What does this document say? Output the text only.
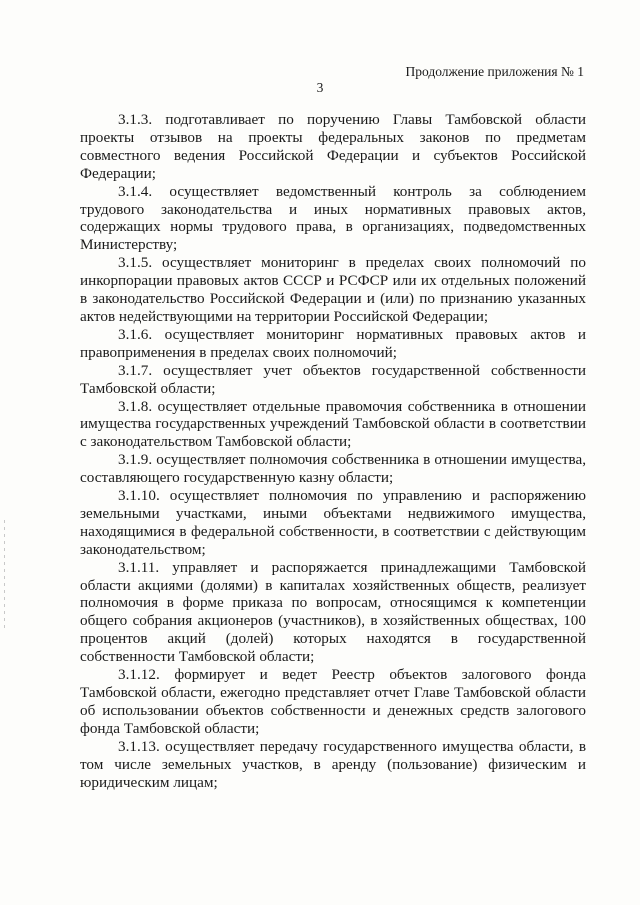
Продолжение приложения № 1
3

3.1.3. подготавливает по поручению Главы Тамбовской области проекты отзывов на проекты федеральных законов по предметам совместного ведения Российской Федерации и субъектов Российской Федерации;

3.1.4. осуществляет ведомственный контроль за соблюдением трудового законодательства и иных нормативных правовых актов, содержащих нормы трудового права, в организациях, подведомственных Министерству;

3.1.5. осуществляет мониторинг в пределах своих полномочий по инкорпорации правовых актов СССР и РСФСР или их отдельных положений в законодательство Российской Федерации и (или) по признанию указанных актов недействующими на территории Российской Федерации;

3.1.6. осуществляет мониторинг нормативных правовых актов и правоприменения в пределах своих полномочий;

3.1.7. осуществляет учет объектов государственной собственности Тамбовской области;

3.1.8. осуществляет отдельные правомочия собственника в отношении имущества государственных учреждений Тамбовской области в соответствии с законодательством Тамбовской области;

3.1.9. осуществляет полномочия собственника в отношении имущества, составляющего государственную казну области;

3.1.10. осуществляет полномочия по управлению и распоряжению земельными участками, иными объектами недвижимого имущества, находящимися в федеральной собственности, в соответствии с действующим законодательством;

3.1.11. управляет и распоряжается принадлежащими Тамбовской области акциями (долями) в капиталах хозяйственных обществ, реализует полномочия в форме приказа по вопросам, относящимся к компетенции общего собрания акционеров (участников), в хозяйственных обществах, 100 процентов акций (долей) которых находятся в государственной собственности Тамбовской области;

3.1.12. формирует и ведет Реестр объектов залогового фонда Тамбовской области, ежегодно представляет отчет Главе Тамбовской области об использовании объектов собственности и денежных средств залогового фонда Тамбовской области;

3.1.13. осуществляет передачу государственного имущества области, в том числе земельных участков, в аренду (пользование) физическим и юридическим лицам;
